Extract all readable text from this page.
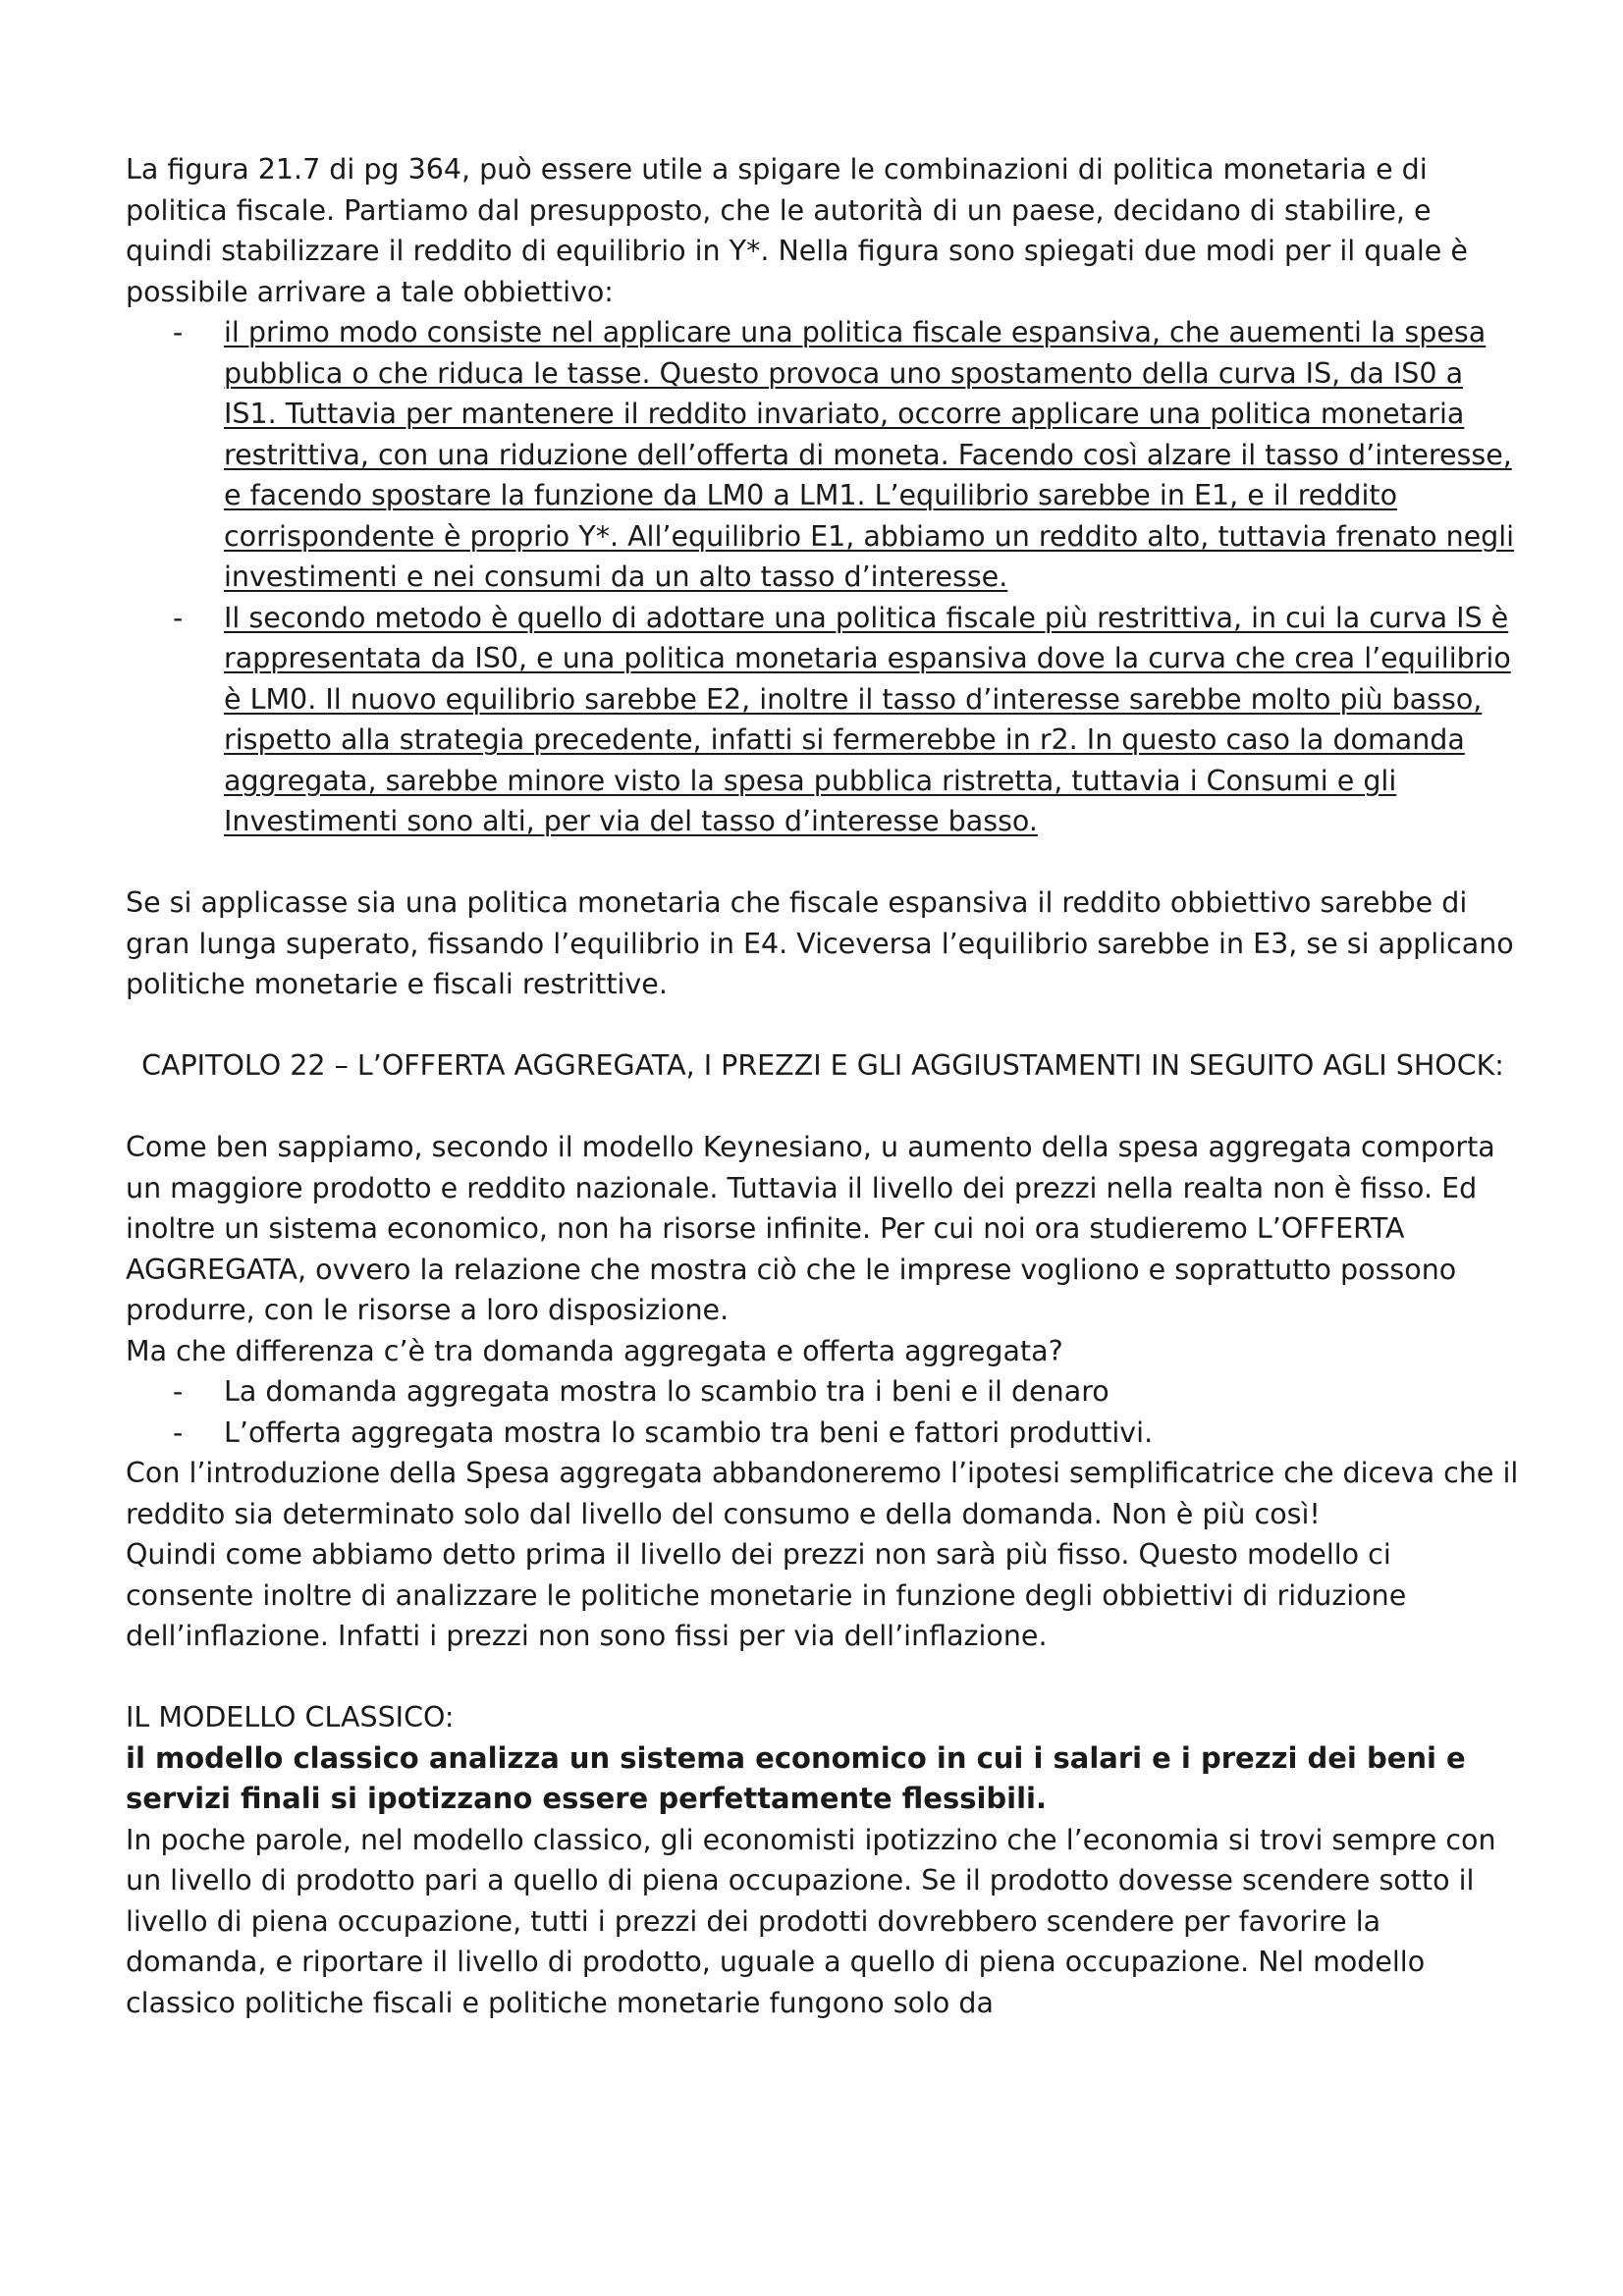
La figura 21.7 di pg 364, può essere utile a spigare le combinazioni di politica monetaria e di politica fiscale. Partiamo dal presupposto, che le autorità di un paese, decidano di stabilire, e quindi stabilizzare il reddito di equilibrio in Y*. Nella figura sono spiegati due modi per il quale è possibile arrivare a tale obbiettivo:

- il primo modo consiste nel applicare una politica fiscale espansiva, che auementi la spesa pubblica o che riduca le tasse. Questo provoca uno spostamento della curva IS, da IS0 a IS1. Tuttavia per mantenere il reddito invariato, occorre applicare una politica monetaria restrittiva, con una riduzione dell’offerta di moneta. Facendo così alzare il tasso d’interesse, e facendo spostare la funzione da LM0 a LM1. L’equilibrio sarebbe in E1, e il reddito corrispondente è proprio Y*. All’equilibrio E1, abbiamo un reddito alto, tuttavia frenato negli investimenti e nei consumi da un alto tasso d’interesse.
- Il secondo metodo è quello di adottare una politica fiscale più restrittiva, in cui la curva IS è rappresentata da IS0, e una politica monetaria espansiva dove la curva che crea l’equilibrio è LM0. Il nuovo equilibrio sarebbe E2, inoltre il tasso d’interesse sarebbe molto più basso, rispetto alla strategia precedente, infatti si fermerebbe in r2. In questo caso la domanda aggregata, sarebbe minore visto la spesa pubblica ristretta, tuttavia i Consumi e gli Investimenti sono alti, per via del tasso d’interesse basso.

Se si applicasse sia una politica monetaria che fiscale espansiva il reddito obbiettivo sarebbe di gran lunga superato, fissando l’equilibrio in E4. Viceversa l’equilibrio sarebbe in E3, se si applicano politiche monetarie e fiscali restrittive.

CAPITOLO 22 – L’OFFERTA AGGREGATA, I PREZZI E GLI AGGIUSTAMENTI IN SEGUITO AGLI SHOCK:

Come ben sappiamo, secondo il modello Keynesiano, u aumento della spesa aggregata comporta un maggiore prodotto e reddito nazionale. Tuttavia il livello dei prezzi nella realta non è fisso. Ed inoltre un sistema economico, non ha risorse infinite. Per cui noi ora studieremo L’OFFERTA AGGREGATA, ovvero la relazione che mostra ciò che le imprese vogliono e soprattutto possono produrre, con le risorse a loro disposizione.

Ma che differenza c’è tra domanda aggregata e offerta aggregata?

- La domanda aggregata mostra lo scambio tra i beni e il denaro
- L’offerta aggregata mostra lo scambio tra beni e fattori produttivi.

Con l’introduzione della Spesa aggregata abbandoneremo l’ipotesi semplificatrice che diceva che il reddito sia determinato solo dal livello del consumo e della domanda. Non è più così!

Quindi come abbiamo detto prima il livello dei prezzi non sarà più fisso. Questo modello ci consente inoltre di analizzare le politiche monetarie in funzione degli obbiettivi di riduzione dell’inflazione. Infatti i prezzi non sono fissi per via dell’inflazione.

IL MODELLO CLASSICO:

il modello classico analizza un sistema economico in cui i salari e i prezzi dei beni e servizi finali si ipotizzano essere perfettamente flessibili.

In poche parole, nel modello classico, gli economisti ipotizzino che l’economia si trovi sempre con un livello di prodotto pari a quello di piena occupazione. Se il prodotto dovesse scendere sotto il livello di piena occupazione, tutti i prezzi dei prodotti dovrebbero scendere per favorire la domanda, e riportare il livello di prodotto, uguale a quello di piena occupazione. Nel modello classico politiche fiscali e politiche monetarie fungono solo da
